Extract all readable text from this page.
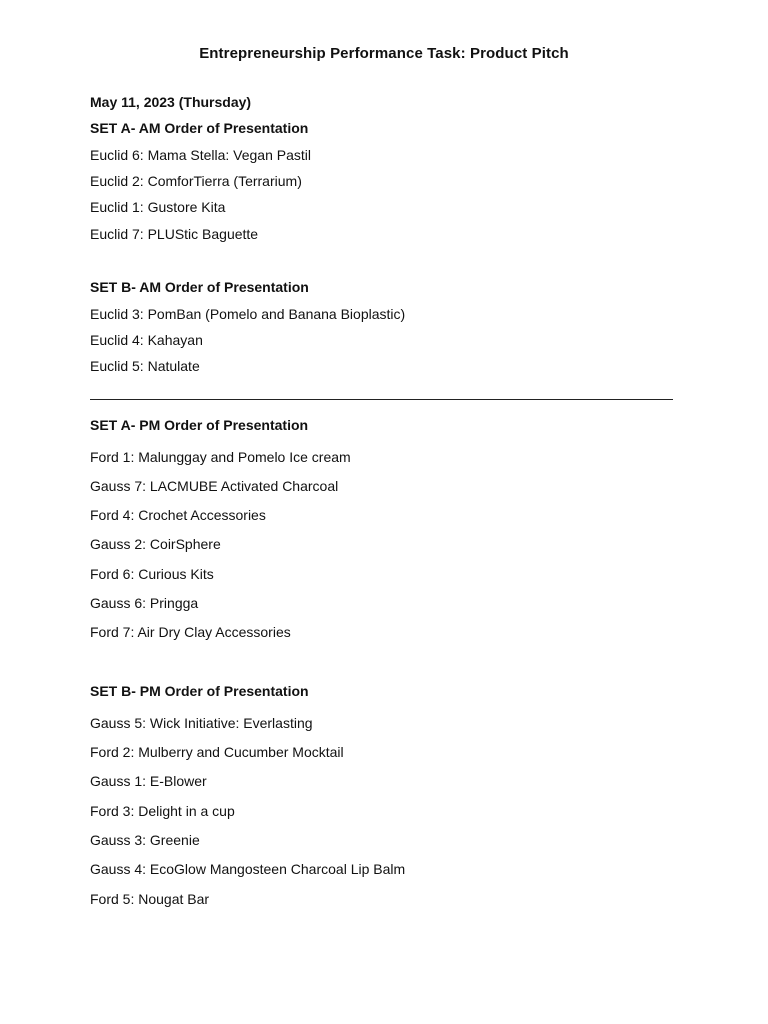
Entrepreneurship Performance Task: Product Pitch
May 11, 2023 (Thursday)
SET A- AM Order of Presentation
Euclid 6: Mama Stella: Vegan Pastil
Euclid 2: ComforTierra (Terrarium)
Euclid 1: Gustore Kita
Euclid 7: PLUStic Baguette
SET B- AM Order of Presentation
Euclid 3: PomBan (Pomelo and Banana Bioplastic)
Euclid 4: Kahayan
Euclid 5: Natulate
SET A- PM Order of Presentation
Ford 1: Malunggay and Pomelo Ice cream
Gauss 7: LACMUBE Activated Charcoal
Ford 4: Crochet Accessories
Gauss 2: CoirSphere
Ford 6: Curious Kits
Gauss 6: Pringga
Ford 7: Air Dry Clay Accessories
SET B- PM Order of Presentation
Gauss 5: Wick Initiative: Everlasting
Ford 2: Mulberry and Cucumber Mocktail
Gauss 1: E-Blower
Ford 3: Delight in a cup
Gauss 3: Greenie
Gauss 4: EcoGlow Mangosteen Charcoal Lip Balm
Ford 5: Nougat Bar
